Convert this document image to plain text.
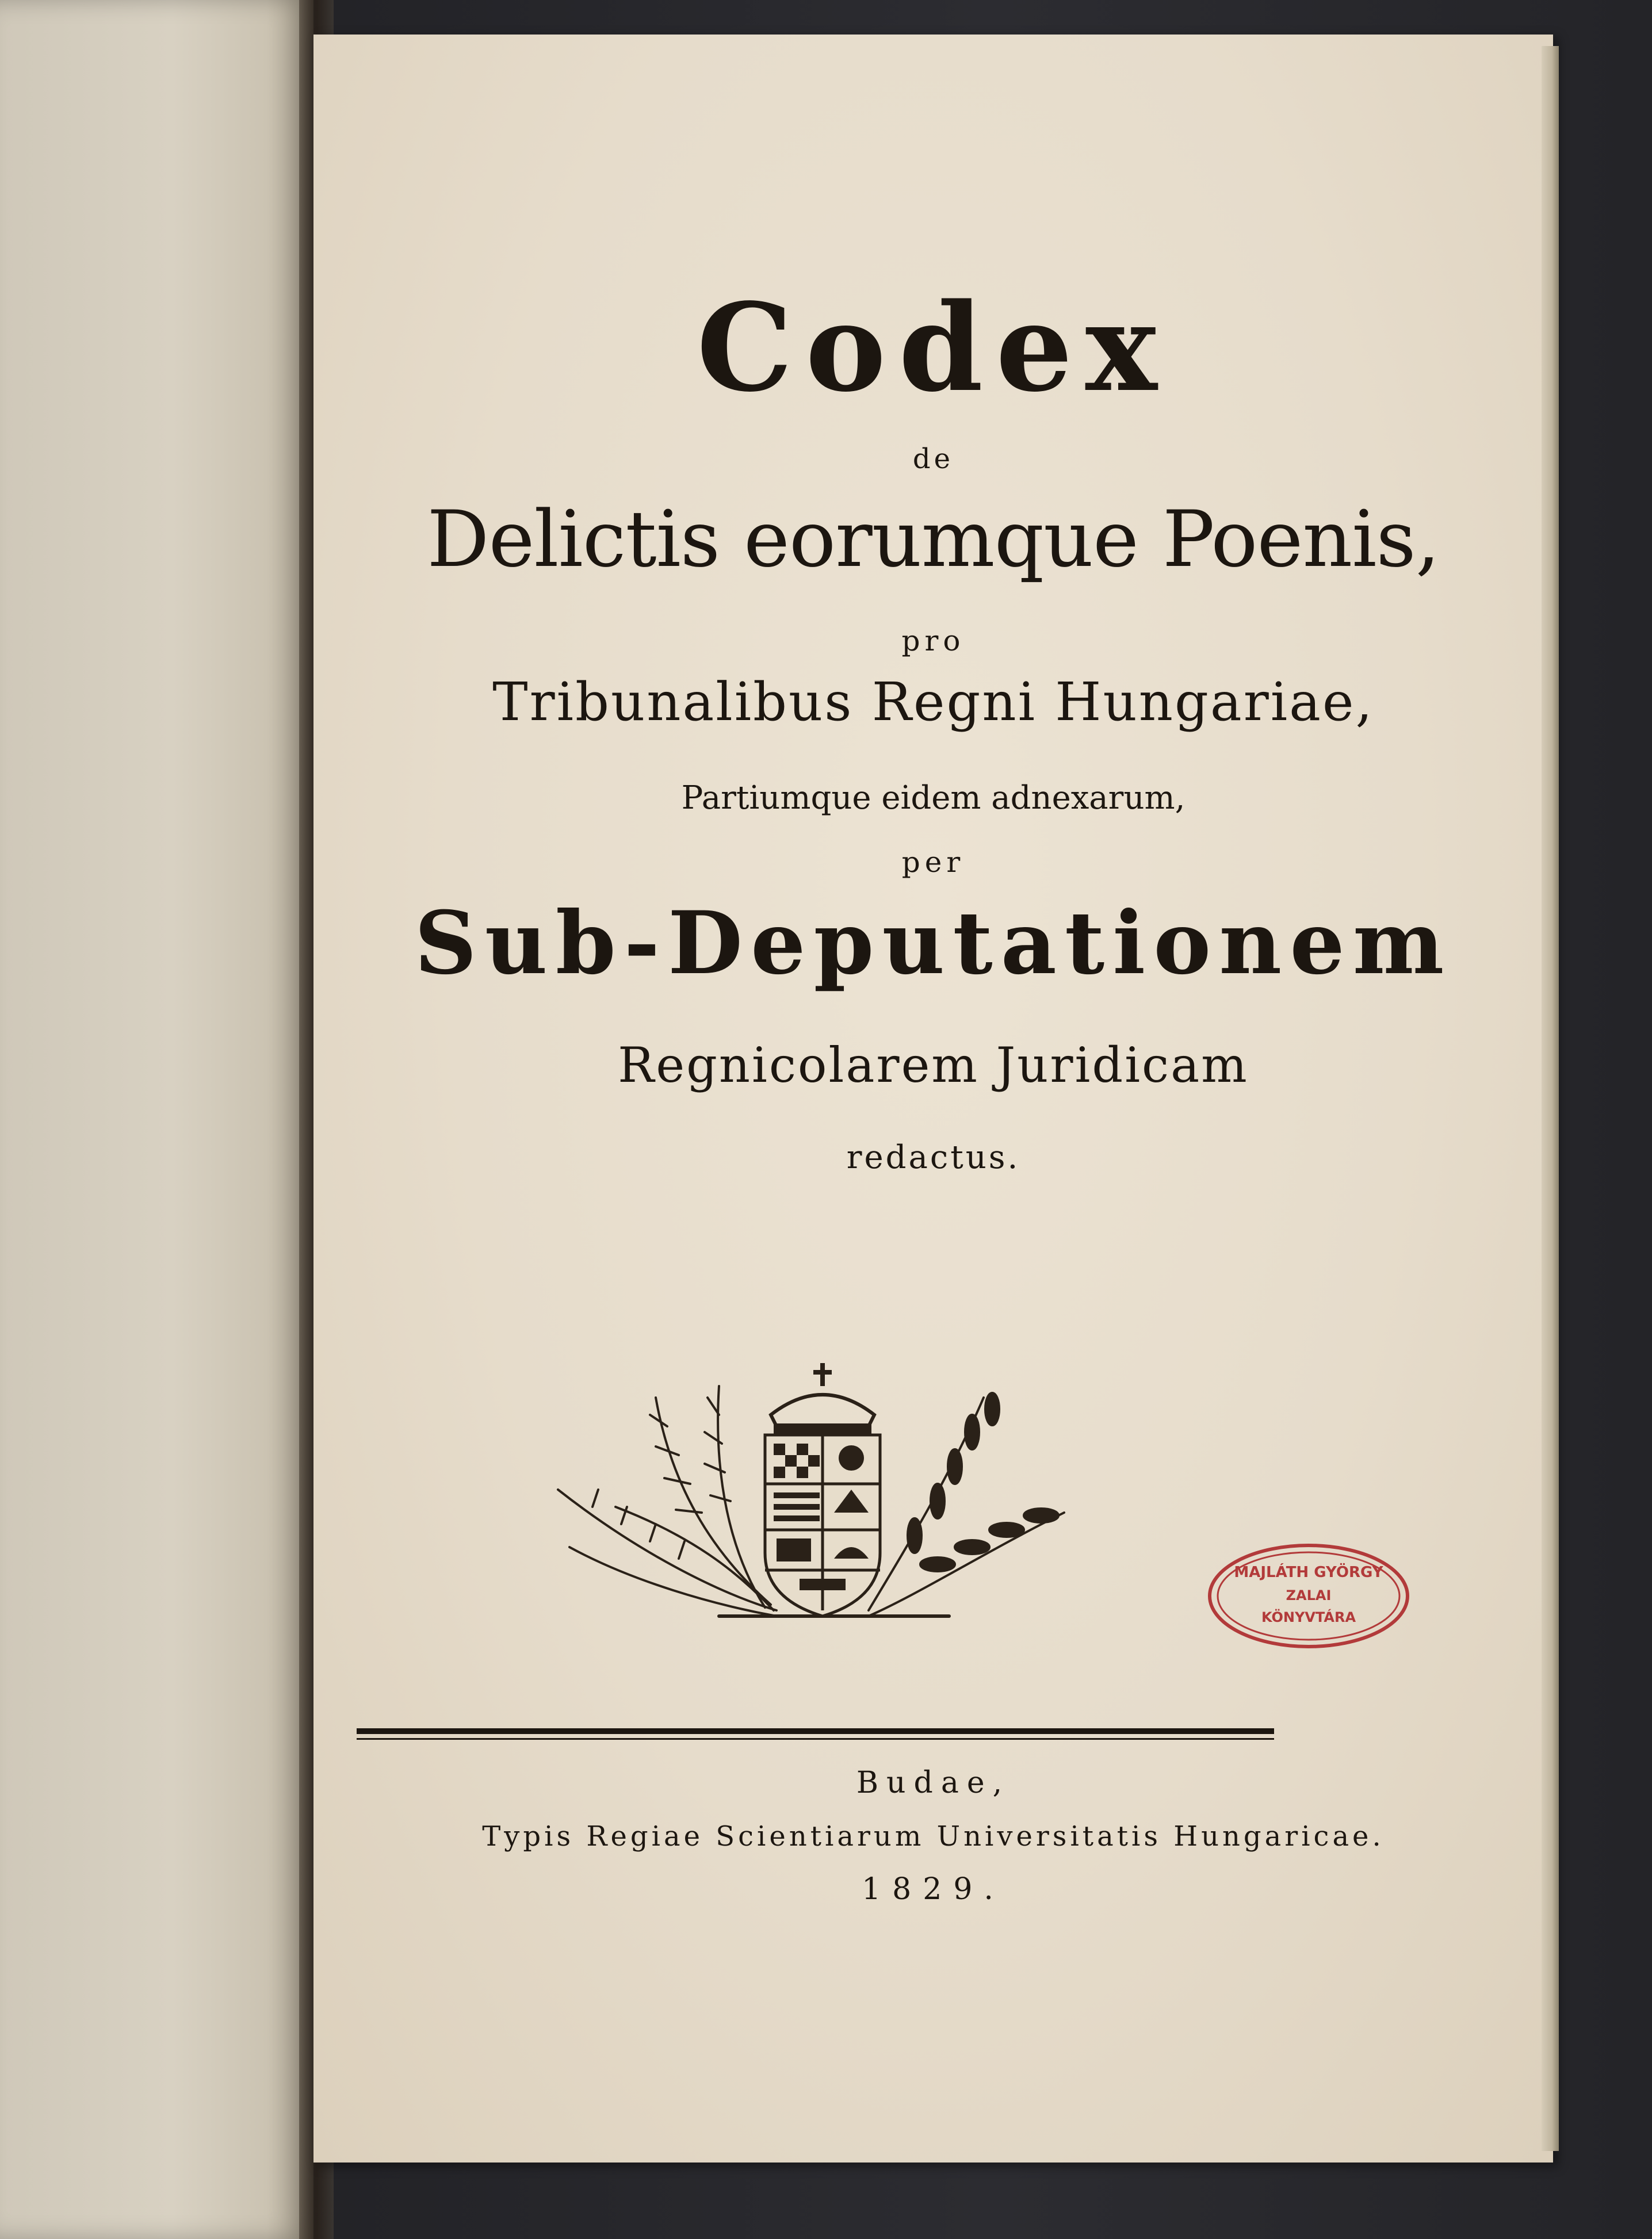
Codex
de
Delictis eorumque Poenis,
pro
Tribunalibus Regni Hungariae,
Partiumque eidem adnexarum,
per
Sub-Deputationem
Regnicolarem Juridicam
redactus.
MAJLÁTH GYÖRGY
ZALAI
KÖNYVTÁRA
Budae,
Typis Regiae Scientiarum Universitatis Hungaricae.
1829.
